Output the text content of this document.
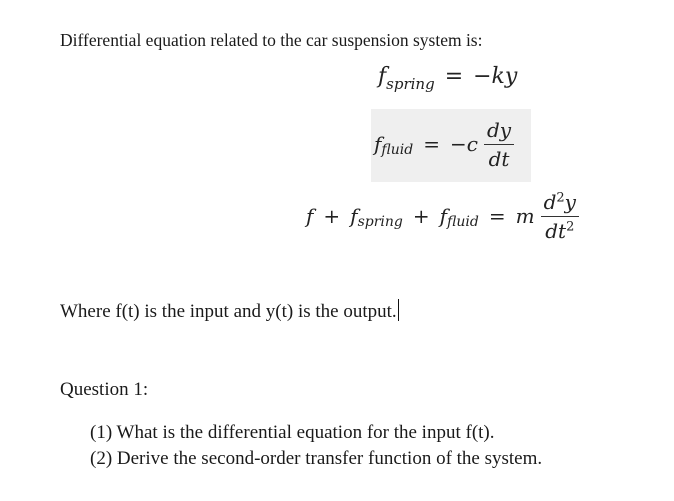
Differential equation related to the car suspension system is:
f spring = −ky
f fluid = $-c \frac{dy}{dt}$
f + f spring + f fluid = m $\frac{d^2y}{dt^2}$
Where f(t) is the input and y(t) is the output.
Question 1:
(1) What is the differential equation for the input f(t).
(2) Derive the second-order transfer function of the system.
